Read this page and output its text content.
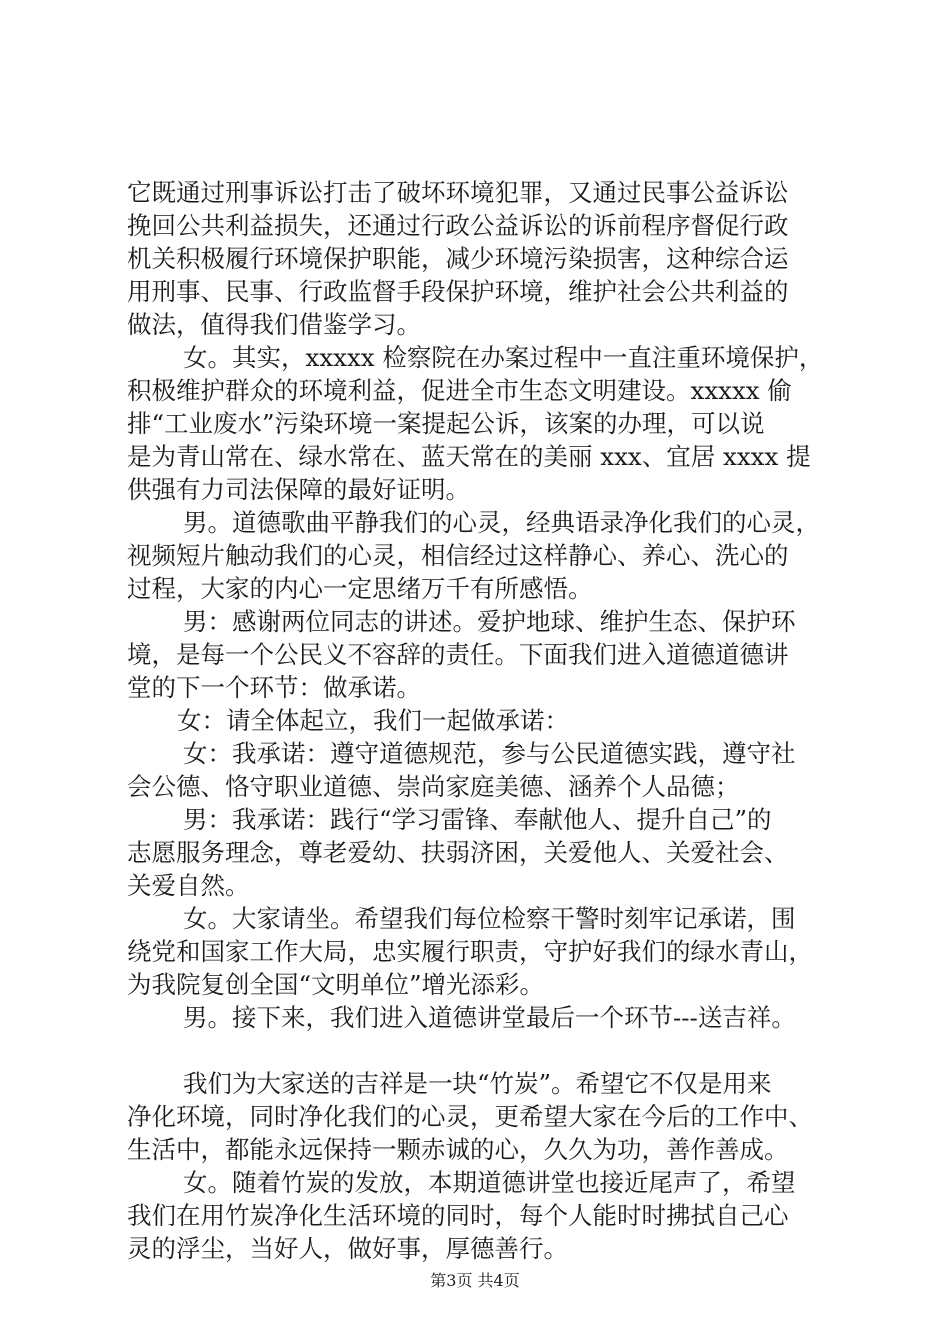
它既通过刑事诉讼打击了破坏环境犯罪，又通过民事公益诉讼
挽回公共利益损失，还通过行政公益诉讼的诉前程序督促行政
机关积极履行环境保护职能，减少环境污染损害，这种综合运
用刑事、民事、行政监督手段保护环境，维护社会公共利益的
做法，值得我们借鉴学习。
女。其实，xxxxx 检察院在办案过程中一直注重环境保护，
积极维护群众的环境利益，促进全市生态文明建设。xxxxx 偷
排“工业废水”污染环境一案提起公诉，该案的办理，可以说
是为青山常在、绿水常在、蓝天常在的美丽 xxx、宜居 xxxx 提
供强有力司法保障的最好证明。
男。道德歌曲平静我们的心灵，经典语录净化我们的心灵，
视频短片触动我们的心灵，相信经过这样静心、养心、洗心的
过程，大家的内心一定思绪万千有所感悟。
男：感谢两位同志的讲述。爱护地球、维护生态、保护环
境，是每一个公民义不容辞的责任。下面我们进入道德道德讲
堂的下一个环节：做承诺。
女：请全体起立，我们一起做承诺：
女：我承诺：遵守道德规范，参与公民道德实践，遵守社
会公德、恪守职业道德、崇尚家庭美德、涵养个人品德；
男：我承诺：践行“学习雷锋、奉献他人、提升自己”的
志愿服务理念，尊老爱幼、扶弱济困，关爱他人、关爱社会、
关爱自然。
女。大家请坐。希望我们每位检察干警时刻牢记承诺，围
绕党和国家工作大局，忠实履行职责，守护好我们的绿水青山，
为我院复创全国“文明单位”增光添彩。
男。接下来，我们进入道德讲堂最后一个环节---送吉祥。
我们为大家送的吉祥是一块“竹炭”。希望它不仅是用来
净化环境，同时净化我们的心灵，更希望大家在今后的工作中、
生活中，都能永远保持一颗赤诚的心，久久为功，善作善成。
女。随着竹炭的发放，本期道德讲堂也接近尾声了，希望
我们在用竹炭净化生活环境的同时，每个人能时时拂拭自己心
灵的浮尘，当好人，做好事，厚德善行。
第3页 共4页
